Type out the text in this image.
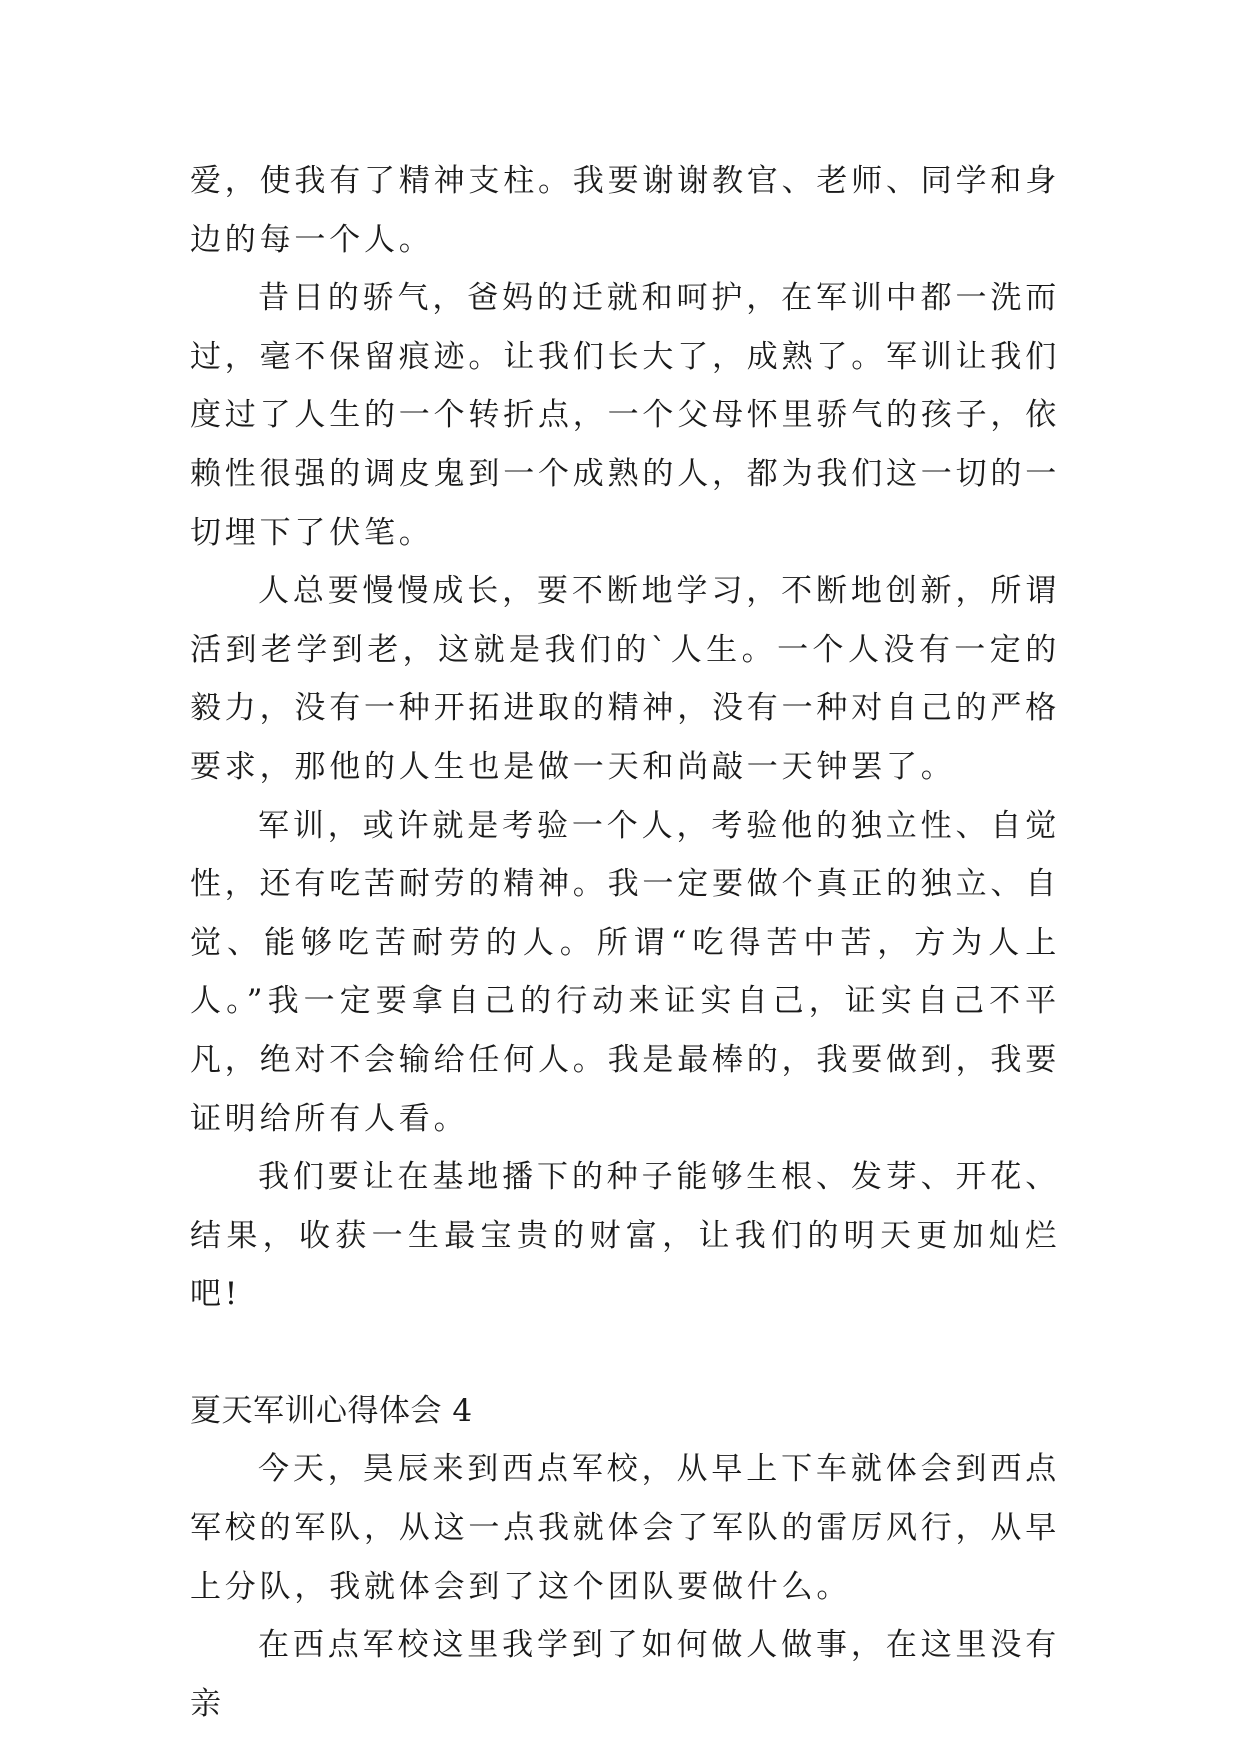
爱，使我有了精神支柱。我要谢谢教官、老师、同学和身边的每一个人。

昔日的骄气，爸妈的迁就和呵护，在军训中都一洗而过，毫不保留痕迹。让我们长大了，成熟了。军训让我们度过了人生的一个转折点，一个父母怀里骄气的孩子，依赖性很强的调皮鬼到一个成熟的人，都为我们这一切的一切埋下了伏笔。

人总要慢慢成长，要不断地学习，不断地创新，所谓活到老学到老，这就是我们的`人生。一个人没有一定的毅力，没有一种开拓进取的精神，没有一种对自己的严格要求，那他的人生也是做一天和尚敲一天钟罢了。

军训，或许就是考验一个人，考验他的独立性、自觉性，还有吃苦耐劳的精神。我一定要做个真正的独立、自觉、能够吃苦耐劳的人。所谓“吃得苦中苦，方为人上人。”我一定要拿自己的行动来证实自己，证实自己不平凡，绝对不会输给任何人。我是最棒的，我要做到，我要证明给所有人看。

我们要让在基地播下的种子能够生根、发芽、开花、结果，收获一生最宝贵的财富，让我们的明天更加灿烂吧!

夏天军训心得体会 4

今天，昊辰来到西点军校，从早上下车就体会到西点军校的军队，从这一点我就体会了军队的雷厉风行，从早上分队，我就体会到了这个团队要做什么。

在西点军校这里我学到了如何做人做事，在这里没有亲
